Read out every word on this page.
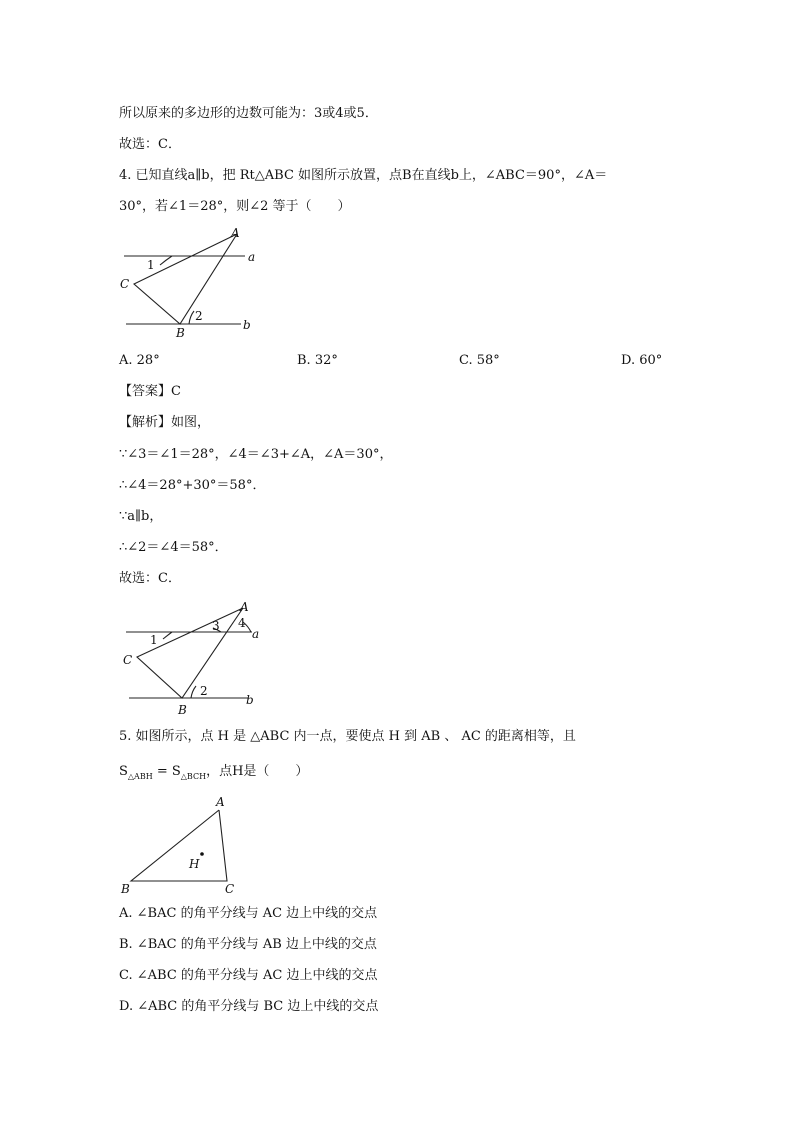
所以原来的多边形的边数可能为：3或4或5．
故选：C．
4. 已知直线a∥b，把 Rt△ABC 如图所示放置，点B在直线b上，∠ABC＝90°，∠A＝
30°，若∠1＝28°，则∠2 等于（　　）
A
C
B
a
b
1
2
A. 28°	B. 32°	C. 58°	D. 60°
【答案】C
【解析】如图，
∵∠3＝∠1＝28°，∠4＝∠3+∠A，∠A＝30°，
∴∠4＝28°+30°＝58°．
∵a∥b，
∴∠2＝∠4＝58°．
故选：C．
A
C
B
a
b
1
2
3 4
5. 如图所示，点 H 是 △ABC 内一点，要使点 H 到 AB 、 AC 的距离相等，且
$S_{\triangle ABH} = S_{\triangle BCH}$，点H是（　　）
A
B	C
H
A. ∠BAC 的角平分线与 AC 边上中线的交点
B. ∠BAC 的角平分线与 AB 边上中线的交点
C. ∠ABC 的角平分线与 AC 边上中线的交点
D. ∠ABC 的角平分线与 BC 边上中线的交点
